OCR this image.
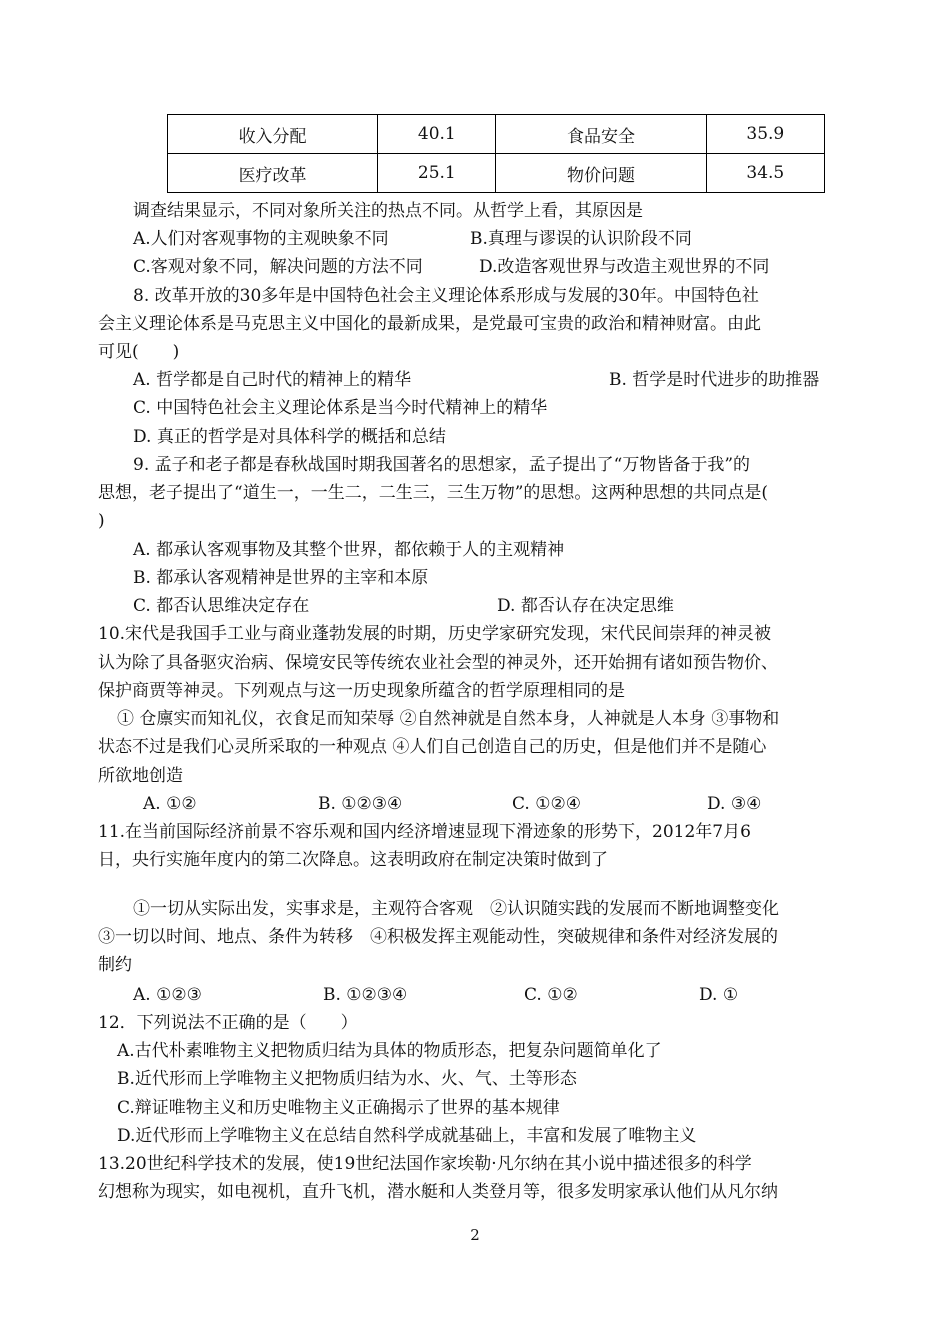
收入分配	40.1	食品安全	35.9
医疗改革	25.1	物价问题	34.5
调查结果显示，不同对象所关注的热点不同。从哲学上看，其原因是
A.人们对客观事物的主观映象不同	B.真理与谬误的认识阶段不同
C.客观对象不同，解决问题的方法不同	D.改造客观世界与改造主观世界的不同
8. 改革开放的30多年是中国特色社会主义理论体系形成与发展的30年。中国特色社
会主义理论体系是马克思主义中国化的最新成果，是党最可宝贵的政治和精神财富。由此
可见(　　)
A. 哲学都是自己时代的精神上的精华	B. 哲学是时代进步的助推器
C. 中国特色社会主义理论体系是当今时代精神上的精华
D. 真正的哲学是对具体科学的概括和总结
9. 孟子和老子都是春秋战国时期我国著名的思想家，孟子提出了“万物皆备于我”的
思想，老子提出了“道生一，一生二，二生三，三生万物”的思想。这两种思想的共同点是(
)
A. 都承认客观事物及其整个世界，都依赖于人的主观精神
B. 都承认客观精神是世界的主宰和本原
C. 都否认思维决定存在	D. 都否认存在决定思维
10.宋代是我国手工业与商业蓬勃发展的时期，历史学家研究发现，宋代民间崇拜的神灵被
认为除了具备驱灾治病、保境安民等传统农业社会型的神灵外，还开始拥有诸如预告物价、
保护商贾等神灵。下列观点与这一历史现象所蕴含的哲学原理相同的是
① 仓廪实而知礼仪，衣食足而知荣辱 ②自然神就是自然本身，人神就是人本身 ③事物和
状态不过是我们心灵所采取的一种观点 ④人们自己创造自己的历史，但是他们并不是随心
所欲地创造
A. ①②	B. ①②③④	C. ①②④	D. ③④
11.在当前国际经济前景不容乐观和国内经济增速显现下滑迹象的形势下，2012年7月6
日，央行实施年度内的第二次降息。这表明政府在制定决策时做到了
①一切从实际出发，实事求是，主观符合客观　②认识随实践的发展而不断地调整变化
③一切以时间、地点、条件为转移　④积极发挥主观能动性，突破规律和条件对经济发展的
制约
A. ①②③	B. ①②③④	C. ①②	D. ①
12．下列说法不正确的是（　　）
A.古代朴素唯物主义把物质归结为具体的物质形态，把复杂问题简单化了
B.近代形而上学唯物主义把物质归结为水、火、气、土等形态
C.辩证唯物主义和历史唯物主义正确揭示了世界的基本规律
D.近代形而上学唯物主义在总结自然科学成就基础上，丰富和发展了唯物主义
13.20世纪科学技术的发展，使19世纪法国作家埃勒·凡尔纳在其小说中描述很多的科学
幻想称为现实，如电视机，直升飞机，潜水艇和人类登月等，很多发明家承认他们从凡尔纳
2
